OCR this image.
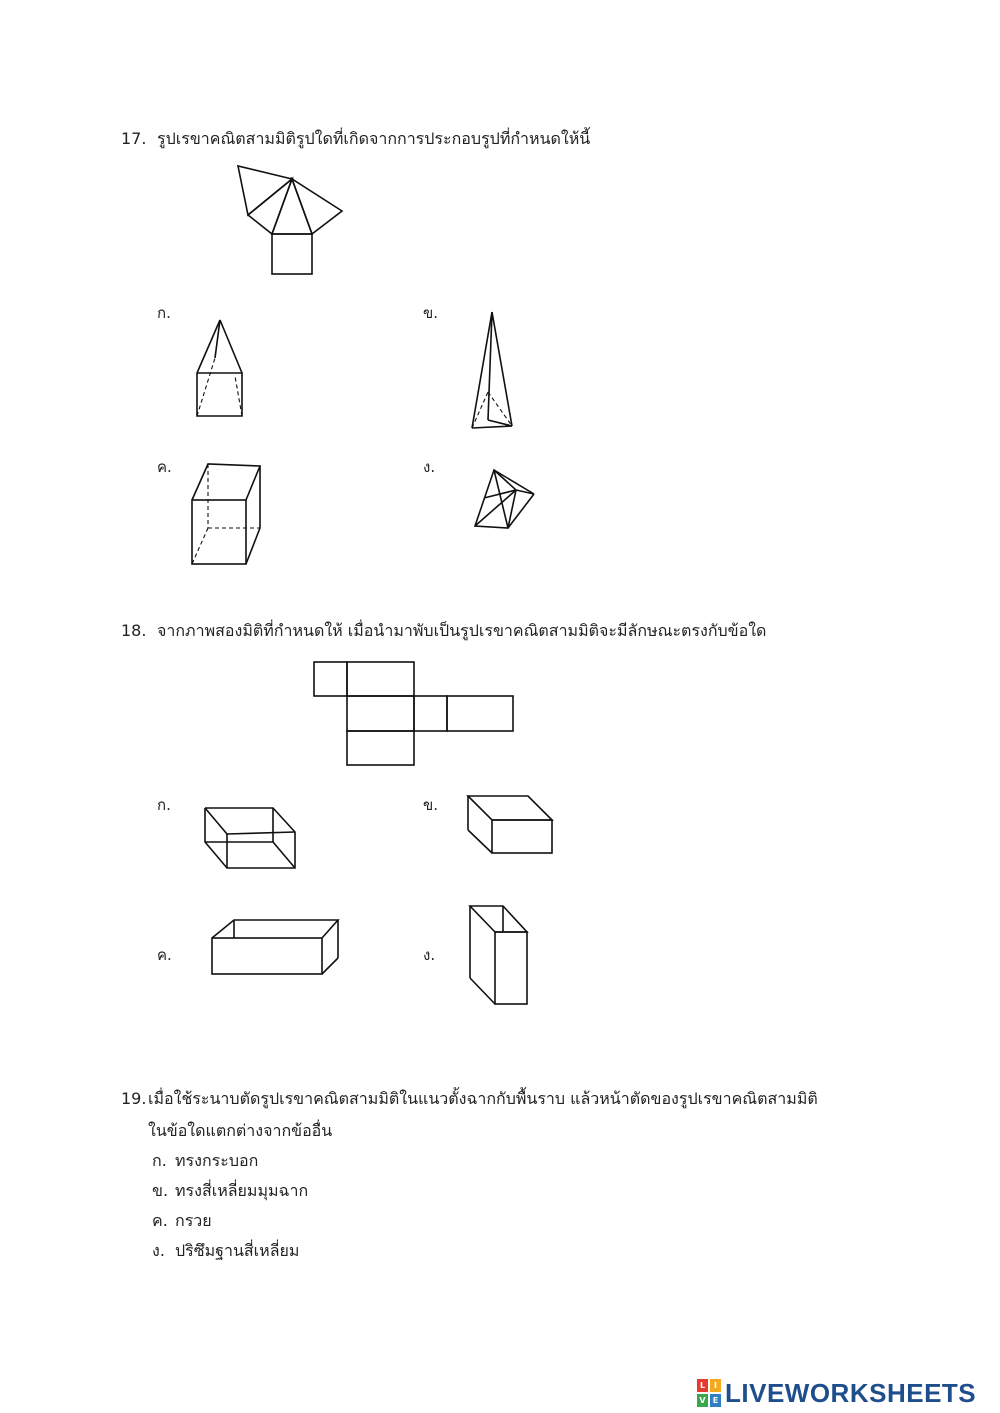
17. รูปเรขาคณิตสามมิติรูปใดที่เกิดจากการประกอบรูปที่กำหนดให้นี้
ก.	ข.
ค.	ง.
18. จากภาพสองมิติที่กำหนดให้ เมื่อนำมาพับเป็นรูปเรขาคณิตสามมิติจะมีลักษณะตรงกับข้อใด
ก.	ข.
ค.	ง.
19. เมื่อใช้ระนาบตัดรูปเรขาคณิตสามมิติในแนวตั้งฉากกับพื้นราบ แล้วหน้าตัดของรูปเรขาคณิตสามมิติ
ในข้อใดแตกต่างจากข้ออื่น
ก. ทรงกระบอก
ข. ทรงสี่เหลี่ยมมุมฉาก
ค. กรวย
ง. ปริซึมฐานสี่เหลี่ยม
L	I
V E LIVEWORKSHEETS
